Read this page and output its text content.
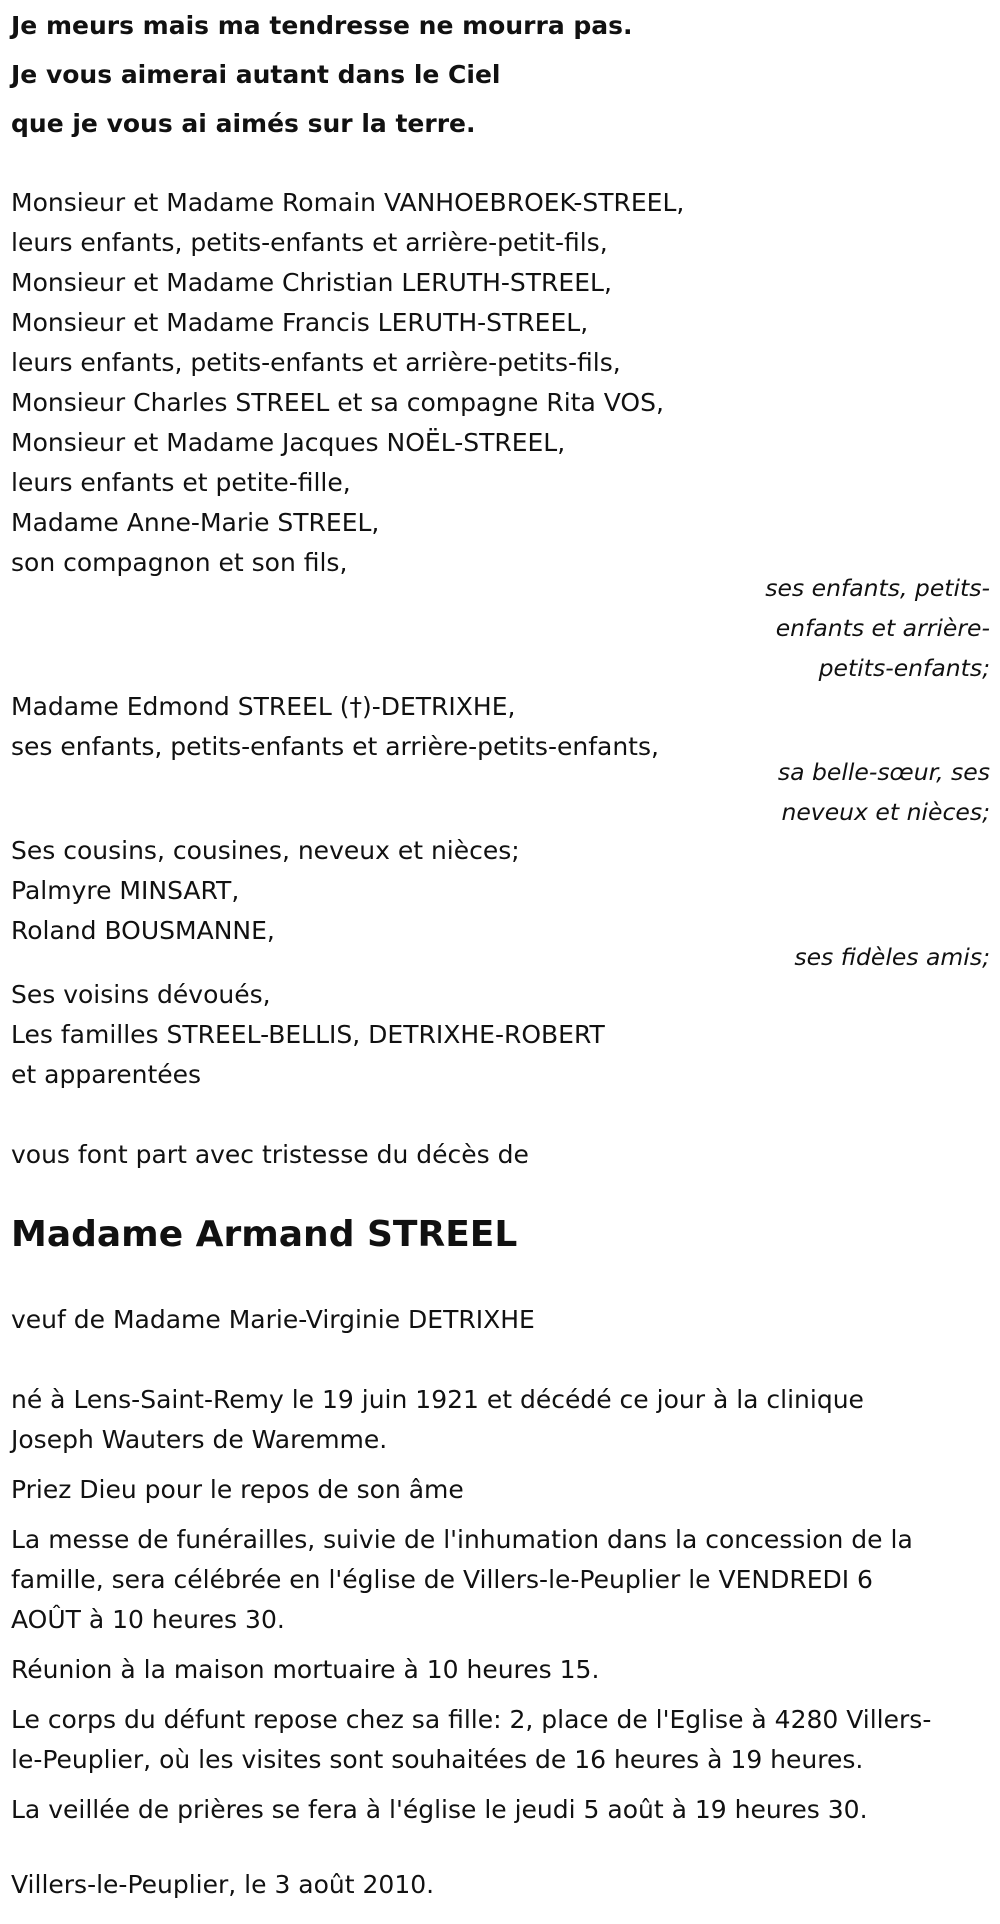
Je meurs mais ma tendresse ne mourra pas.
Je vous aimerai autant dans le Ciel
que je vous ai aimés sur la terre.
Monsieur et Madame Romain VANHOEBROEK-STREEL,
leurs enfants, petits-enfants et arrière-petit-fils,
Monsieur et Madame Christian LERUTH-STREEL,
Monsieur et Madame Francis LERUTH-STREEL,
leurs enfants, petits-enfants et arrière-petits-fils,
Monsieur Charles STREEL et sa compagne Rita VOS,
Monsieur et Madame Jacques NOËL-STREEL,
leurs enfants et petite-fille,
Madame Anne-Marie STREEL,
son compagnon et son fils,
ses enfants, petits-
enfants et arrière-
petits-enfants;
Madame Edmond STREEL (†)-DETRIXHE,
ses enfants, petits-enfants et arrière-petits-enfants,
sa belle-sœur, ses
neveux et nièces;
Ses cousins, cousines, neveux et nièces;
Palmyre MINSART,
Roland BOUSMANNE,
ses fidèles amis;
Ses voisins dévoués,
Les familles STREEL-BELLIS, DETRIXHE-ROBERT
et apparentées
vous font part avec tristesse du décès de
Madame Armand STREEL
veuf de Madame Marie-Virginie DETRIXHE
né à Lens-Saint-Remy le 19 juin 1921 et décédé ce jour à la clinique
Joseph Wauters de Waremme.
Priez Dieu pour le repos de son âme
La messe de funérailles, suivie de l'inhumation dans la concession de la
famille, sera célébrée en l'église de Villers-le-Peuplier le VENDREDI 6
AOÛT à 10 heures 30.
Réunion à la maison mortuaire à 10 heures 15.
Le corps du défunt repose chez sa fille: 2, place de l'Eglise à 4280 Villers-
le-Peuplier, où les visites sont souhaitées de 16 heures à 19 heures.
La veillée de prières se fera à l'église le jeudi 5 août à 19 heures 30.
Villers-le-Peuplier, le 3 août 2010.
